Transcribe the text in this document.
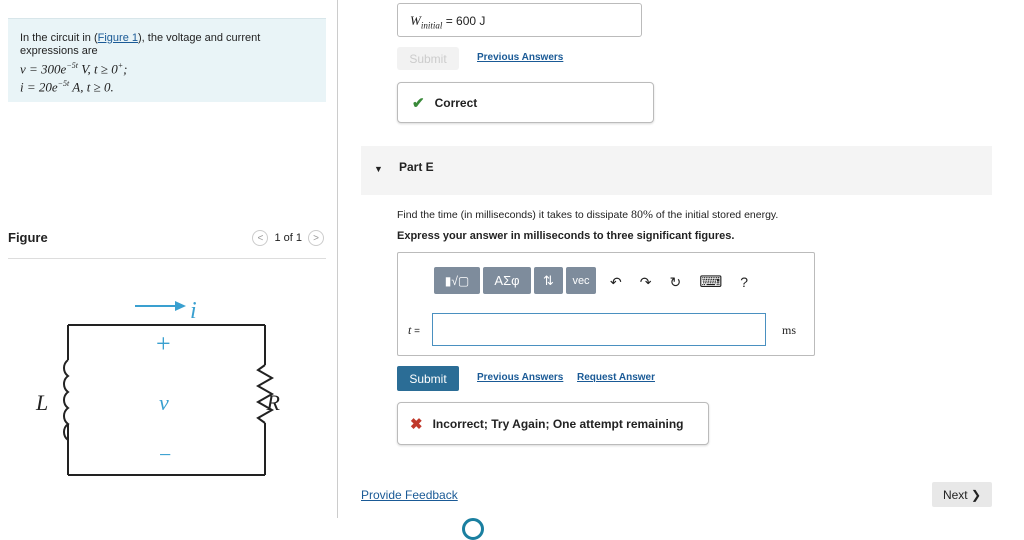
In the circuit in (Figure 1), the voltage and current expressions are
$v = 300e^{-5t}$ V, t ≥ 0+;
$i = 20e^{-5t}$ A, t ≥ 0.
Figure	<	1 of 1	>
i
+
v
−
L	R
$W_{initial} = 600$ J
Submit	Previous Answers
✔ Correct
▼ Part E
Find the time (in milliseconds) it takes to dissipate 80% of the initial stored energy.
Express your answer in milliseconds to three significant figures.
▮√▢	ΑΣφ	⇅	vec	↶ ↷ ↻ ⌨ ?
t =	ms
Submit	Previous Answers Request Answer
✖ Incorrect; Try Again; One attempt remaining
Provide Feedback	Next ❯
